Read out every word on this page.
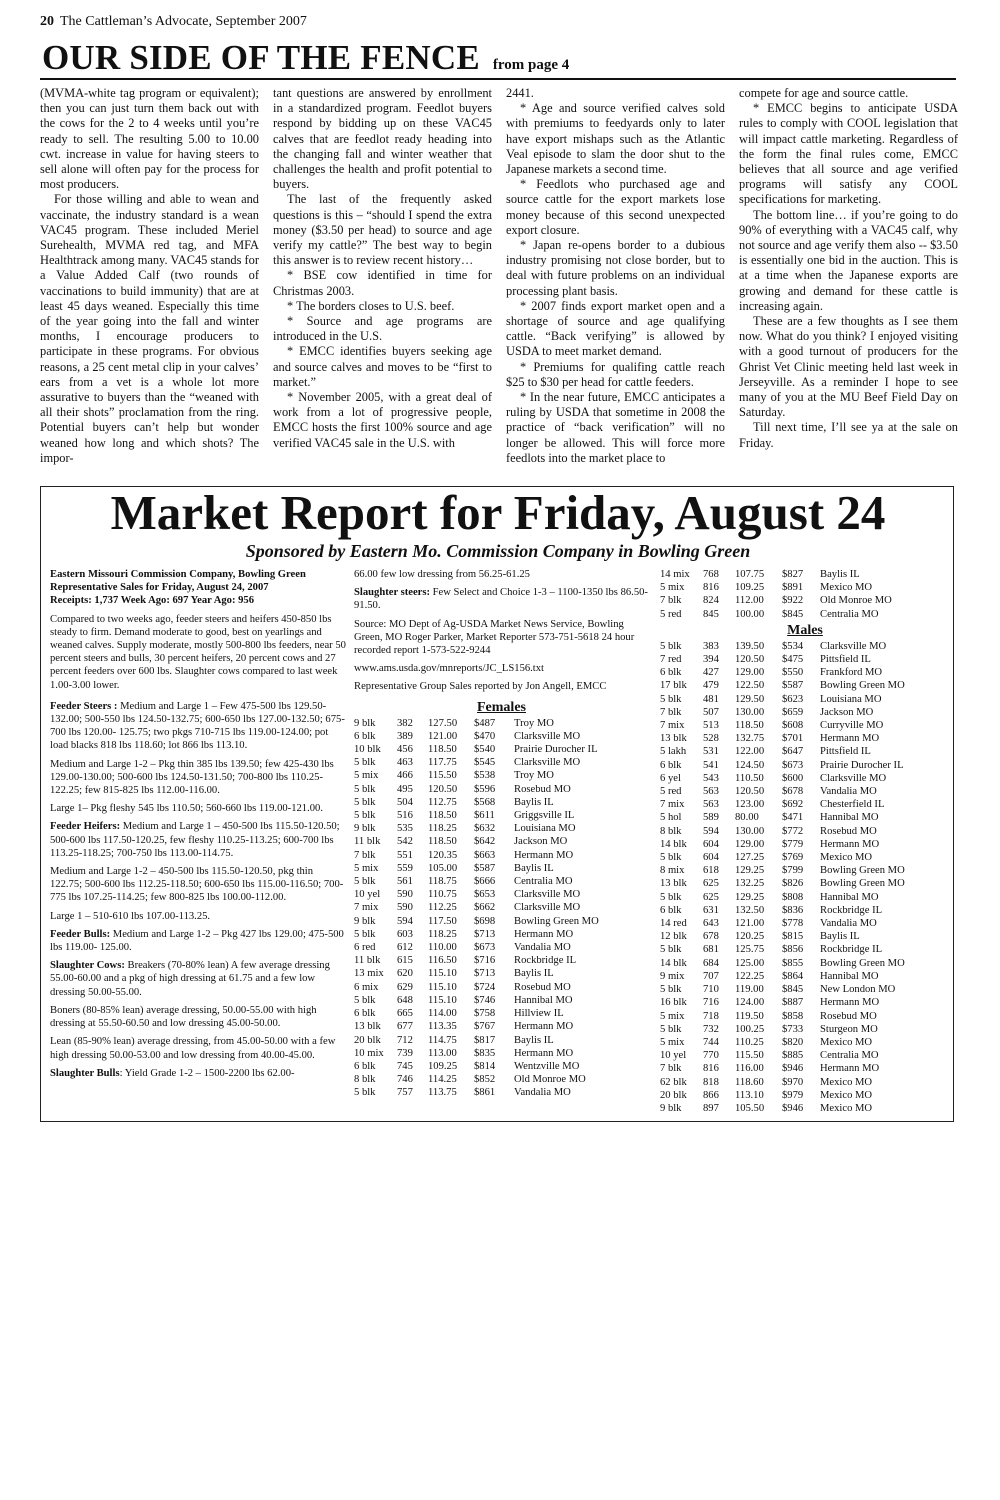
20 The Cattleman’s Advocate, September 2007
OUR SIDE OF THE FENCE from page 4

(MVMA-white tag program or equivalent); then you can just turn them back out with the cows for the 2 to 4 weeks until you’re ready to sell. The resulting 5.00 to 10.00 cwt. increase in value for having steers to sell alone will often pay for the process for most producers.

For those willing and able to wean and vaccinate, the industry standard is a wean VAC45 program. These included Meriel Surehealth, MVMA red tag, and MFA Healthtrack among many. VAC45 stands for a Value Added Calf (two rounds of vaccinations to build immunity) that are at least 45 days weaned. Especially this time of the year going into the fall and winter months, I encourage producers to participate in these programs. For obvious reasons, a 25 cent metal clip in your calves’ ears from a vet is a whole lot more assurative to buyers than the “weaned with all their shots” proclamation from the ring. Potential buyers can’t help but wonder weaned how long and which shots? The impor-

tant questions are answered by enrollment in a standardized program. Feedlot buyers respond by bidding up on these VAC45 calves that are feedlot ready heading into the changing fall and winter weather that challenges the health and profit potential to buyers.

The last of the frequently asked questions is this – “should I spend the extra money ($3.50 per head) to source and age verify my cattle?” The best way to begin this answer is to review recent history…

* BSE cow identified in time for Christmas 2003.

* The borders closes to U.S. beef.

* Source and age programs are introduced in the U.S.

* EMCC identifies buyers seeking age and source calves and moves to be “first to market.”

* November 2005, with a great deal of work from a lot of progressive people, EMCC hosts the first 100% source and age verified VAC45 sale in the U.S. with

2441.

* Age and source verified calves sold with premiums to feedyards only to later have export mishaps such as the Atlantic Veal episode to slam the door shut to the Japanese markets a second time.

* Feedlots who purchased age and source cattle for the export markets lose money because of this second unexpected export closure.

* Japan re-opens border to a dubious industry promising not close border, but to deal with future problems on an individual processing plant basis.

* 2007 finds export market open and a shortage of source and age qualifying cattle. “Back verifying” is allowed by USDA to meet market demand.

* Premiums for qualifing cattle reach $25 to $30 per head for cattle feeders.

* In the near future, EMCC anticipates a ruling by USDA that sometime in 2008 the practice of “back verification” will no longer be allowed. This will force more feedlots into the market place to

compete for age and source cattle.

* EMCC begins to anticipate USDA rules to comply with COOL legislation that will impact cattle marketing. Regardless of the form the final rules come, EMCC believes that all source and age verified programs will satisfy any COOL specifications for marketing.

The bottom line… if you’re going to do 90% of everything with a VAC45 calf, why not source and age verify them also -- $3.50 is essentially one bid in the auction. This is at a time when the Japanese exports are growing and demand for these cattle is increasing again.

These are a few thoughts as I see them now. What do you think? I enjoyed visiting with a good turnout of producers for the Ghrist Vet Clinic meeting held last week in Jerseyville. As a reminder I hope to see many of you at the MU Beef Field Day on Saturday.

Till next time, I’ll see ya at the sale on Friday.

Market Report for Friday, August 24
Sponsored by Eastern Mo. Commission Company in Bowling Green

Eastern Missouri Commission Company, Bowling Green
Representative Sales for Friday, August 24, 2007
Receipts: 1,737 Week Ago: 697 Year Ago: 956

Compared to two weeks ago, feeder steers and heifers 450-850 lbs steady to firm. Demand moderate to good, best on yearlings and weaned calves. Supply moderate, mostly 500-800 lbs feeders, near 50 percent steers and bulls, 30 percent heifers, 20 percent cows and 27 percent feeders over 600 lbs. Slaughter cows compared to last week 1.00-3.00 lower.

Feeder Steers : Medium and Large 1 – Few 475-500 lbs 129.50-132.00; 500-550 lbs 124.50-132.75; 600-650 lbs 127.00-132.50; 675-700 lbs 120.00- 125.75; two pkgs 710-715 lbs 119.00-124.00; pot load blacks 818 lbs 118.60; lot 866 lbs 113.10.

Medium and Large 1-2 – Pkg thin 385 lbs 139.50; few 425-430 lbs 129.00-130.00; 500-600 lbs 124.50-131.50; 700-800 lbs 110.25-122.25; few 815-825 lbs 112.00-116.00.

Large 1– Pkg fleshy 545 lbs 110.50; 560-660 lbs 119.00-121.00.

Feeder Heifers: Medium and Large 1 – 450-500 lbs 115.50-120.50; 500-600 lbs 117.50-120.25, few fleshy 110.25-113.25; 600-700 lbs 113.25-118.25; 700-750 lbs 113.00-114.75.

Medium and Large 1-2 – 450-500 lbs 115.50-120.50, pkg thin 122.75; 500-600 lbs 112.25-118.50; 600-650 lbs 115.00-116.50; 700-775 lbs 107.25-114.25; few 800-825 lbs 100.00-112.00.

Large 1 – 510-610 lbs 107.00-113.25.

Feeder Bulls: Medium and Large 1-2 – Pkg 427 lbs 129.00; 475-500 lbs 119.00- 125.00.

Slaughter Cows: Breakers (70-80% lean) A few average dressing 55.00-60.00 and a pkg of high dressing at 61.75 and a few low dressing 50.00-55.00.

Boners (80-85% lean) average dressing, 50.00-55.00 with high dressing at 55.50-60.50 and low dressing 45.00-50.00.

Lean (85-90% lean) average dressing, from 45.00-50.00 with a few high dressing 50.00-53.00 and low dressing from 40.00-45.00.

Slaughter Bulls: Yield Grade 1-2 – 1500-2200 lbs 62.00-

66.00 few low dressing from 56.25-61.25

Slaughter steers: Few Select and Choice 1-3 – 1100-1350 lbs 86.50-91.50.

Source: MO Dept of Ag-USDA Market News Service, Bowling Green, MO Roger Parker, Market Reporter 573-751-5618 24 hour recorded report 1-573-522-9244

www.ams.usda.gov/mnreports/JC_LS156.txt

Representative Group Sales reported by Jon Angell, EMCC

Females
9 blk	382	127.50	$487	Troy MO
6 blk	389	121.00	$470	Clarksville MO
10 blk	456	118.50	$540	Prairie Durocher IL
5 blk	463	117.75	$545	Clarksville MO
5 mix	466	115.50	$538	Troy MO
5 blk	495	120.50	$596	Rosebud MO
5 blk	504	112.75	$568	Baylis IL
5 blk	516	118.50	$611	Griggsville IL
9 blk	535	118.25	$632	Louisiana MO
11 blk	542	118.50	$642	Jackson MO
7 blk	551	120.35	$663	Hermann MO
5 mix	559	105.00	$587	Baylis IL
5 blk	561	118.75	$666	Centralia MO
10 yel	590	110.75	$653	Clarksville MO
7 mix	590	112.25	$662	Clarksville MO
9 blk	594	117.50	$698	Bowling Green MO
5 blk	603	118.25	$713	Hermann MO
6 red	612	110.00	$673	Vandalia MO
11 blk	615	116.50	$716	Rockbridge IL
13 mix	620	115.10	$713	Baylis IL
6 mix	629	115.10	$724	Rosebud MO
5 blk	648	115.10	$746	Hannibal MO
6 blk	665	114.00	$758	Hillview IL
13 blk	677	113.35	$767	Hermann MO
20 blk	712	114.75	$817	Baylis IL
10 mix	739	113.00	$835	Hermann MO
6 blk	745	109.25	$814	Wentzville MO
8 blk	746	114.25	$852	Old Monroe MO
5 blk	757	113.75	$861	Vandalia MO
14 mix	768	107.75	$827	Baylis IL
5 mix	816	109.25	$891	Mexico MO
7 blk	824	112.00	$922	Old Monroe MO
5 red	845	100.00	$845	Centralia MO
Males
5 blk	383	139.50	$534	Clarksville MO
7 red	394	120.50	$475	Pittsfield IL
6 blk	427	129.00	$550	Frankford MO
17 blk	479	122.50	$587	Bowling Green MO
5 blk	481	129.50	$623	Louisiana MO
7 blk	507	130.00	$659	Jackson MO
7 mix	513	118.50	$608	Curryville MO
13 blk	528	132.75	$701	Hermann MO
5 lakh	531	122.00	$647	Pittsfield IL
6 blk	541	124.50	$673	Prairie Durocher IL
6 yel	543	110.50	$600	Clarksville MO
5 red	563	120.50	$678	Vandalia MO
7 mix	563	123.00	$692	Chesterfield IL
5 hol	589	80.00	$471	Hannibal MO
8 blk	594	130.00	$772	Rosebud MO
14 blk	604	129.00	$779	Hermann MO
5 blk	604	127.25	$769	Mexico MO
8 mix	618	129.25	$799	Bowling Green MO
13 blk	625	132.25	$826	Bowling Green MO
5 blk	625	129.25	$808	Hannibal MO
6 blk	631	132.50	$836	Rockbridge IL
14 red	643	121.00	$778	Vandalia MO
12 blk	678	120.25	$815	Baylis IL
5 blk	681	125.75	$856	Rockbridge IL
14 blk	684	125.00	$855	Bowling Green MO
9 mix	707	122.25	$864	Hannibal MO
5 blk	710	119.00	$845	New London MO
16 blk	716	124.00	$887	Hermann MO
5 mix	718	119.50	$858	Rosebud MO
5 blk	732	100.25	$733	Sturgeon MO
5 mix	744	110.25	$820	Mexico MO
10 yel	770	115.50	$885	Centralia MO
7 blk	816	116.00	$946	Hermann MO
62 blk	818	118.60	$970	Mexico MO
20 blk	866	113.10	$979	Mexico MO
9 blk	897	105.50	$946	Mexico MO
